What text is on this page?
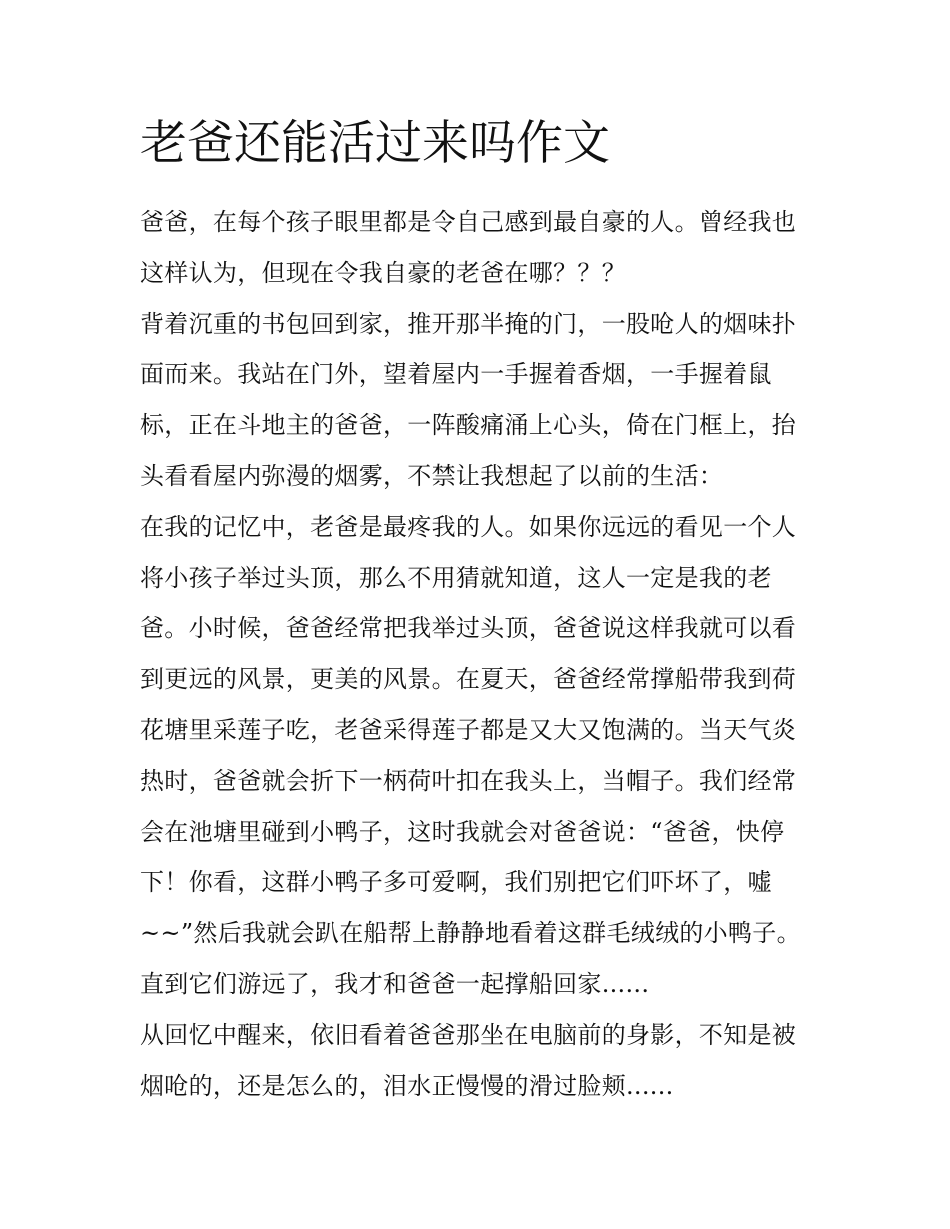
老爸还能活过来吗作文
爸爸，在每个孩子眼里都是令自己感到最自豪的人。曾经我也
这样认为，但现在令我自豪的老爸在哪？？？
背着沉重的书包回到家，推开那半掩的门，一股呛人的烟味扑
面而来。我站在门外，望着屋内一手握着香烟，一手握着鼠
标，正在斗地主的爸爸，一阵酸痛涌上心头，倚在门框上，抬
头看看屋内弥漫的烟雾，不禁让我想起了以前的生活：
在我的记忆中，老爸是最疼我的人。如果你远远的看见一个人
将小孩子举过头顶，那么不用猜就知道，这人一定是我的老
爸。小时候，爸爸经常把我举过头顶，爸爸说这样我就可以看
到更远的风景，更美的风景。在夏天，爸爸经常撑船带我到荷
花塘里采莲子吃，老爸采得莲子都是又大又饱满的。当天气炎
热时，爸爸就会折下一柄荷叶扣在我头上，当帽子。我们经常
会在池塘里碰到小鸭子，这时我就会对爸爸说：“爸爸，快停
下！你看，这群小鸭子多可爱啊，我们别把它们吓坏了，嘘
~~”然后我就会趴在船帮上静静地看着这群毛绒绒的小鸭子。
直到它们游远了，我才和爸爸一起撑船回家......
从回忆中醒来，依旧看着爸爸那坐在电脑前的身影，不知是被
烟呛的，还是怎么的，泪水正慢慢的滑过脸颊......
